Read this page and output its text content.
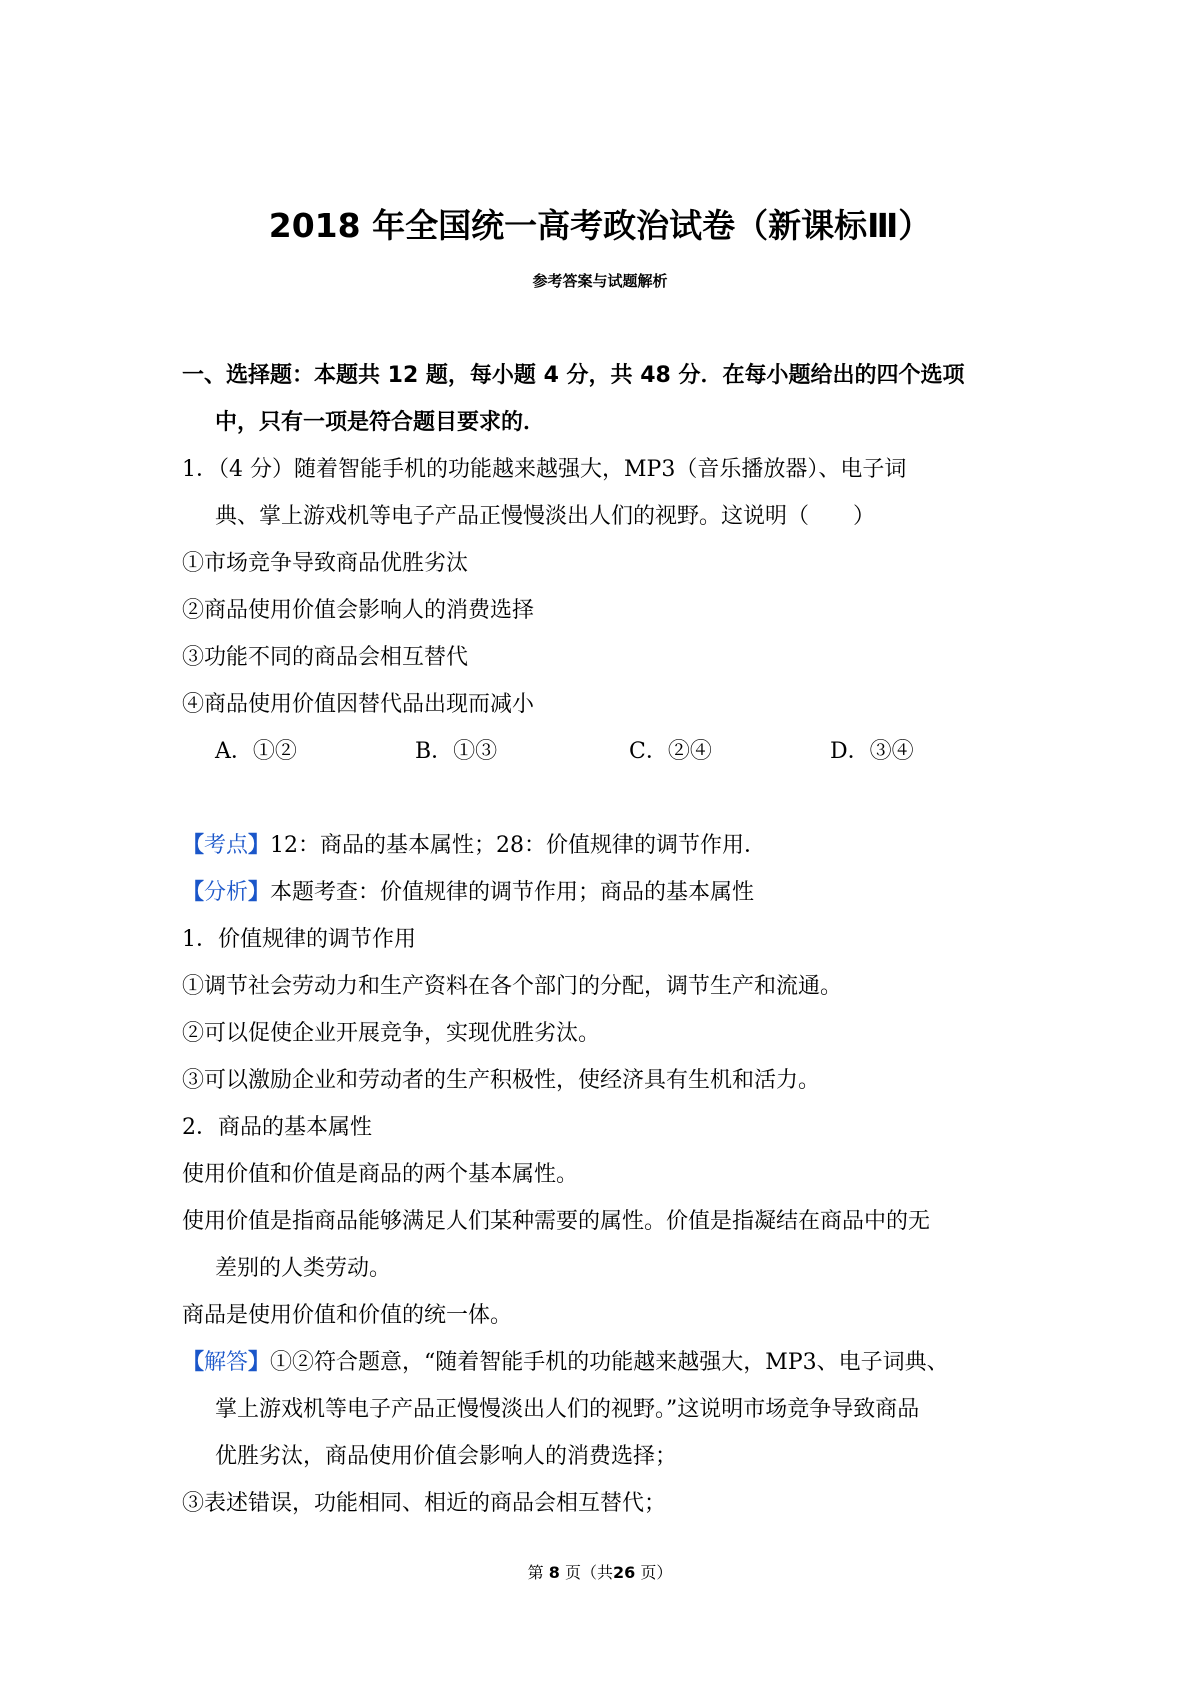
2018 年全国统一高考政治试卷（新课标Ⅲ）
参考答案与试题解析
一、选择题：本题共 12 题，每小题 4 分，共 48 分．在每小题给出的四个选项
中，只有一项是符合题目要求的．
1．（4 分）随着智能手机的功能越来越强大，MP3（音乐播放器）、电子词
典、掌上游戏机等电子产品正慢慢淡出人们的视野。这说明（　　）
①市场竞争导致商品优胜劣汰
②商品使用价值会影响人的消费选择
③功能不同的商品会相互替代
④商品使用价值因替代品出现而减小
A．①②	B．①③	C．②④	D．③④
【考点】12：商品的基本属性；28：价值规律的调节作用．
【分析】本题考查：价值规律的调节作用；商品的基本属性
1．价值规律的调节作用
①调节社会劳动力和生产资料在各个部门的分配，调节生产和流通。
②可以促使企业开展竞争，实现优胜劣汰。
③可以激励企业和劳动者的生产积极性，使经济具有生机和活力。
2．商品的基本属性
使用价值和价值是商品的两个基本属性。
使用价值是指商品能够满足人们某种需要的属性。价值是指凝结在商品中的无
差别的人类劳动。
商品是使用价值和价值的统一体。
【解答】①②符合题意，“随着智能手机的功能越来越强大，MP3、电子词典、
掌上游戏机等电子产品正慢慢淡出人们的视野。”这说明市场竞争导致商品
优胜劣汰，商品使用价值会影响人的消费选择；
③表述错误，功能相同、相近的商品会相互替代；
第 8 页（共26 页）
